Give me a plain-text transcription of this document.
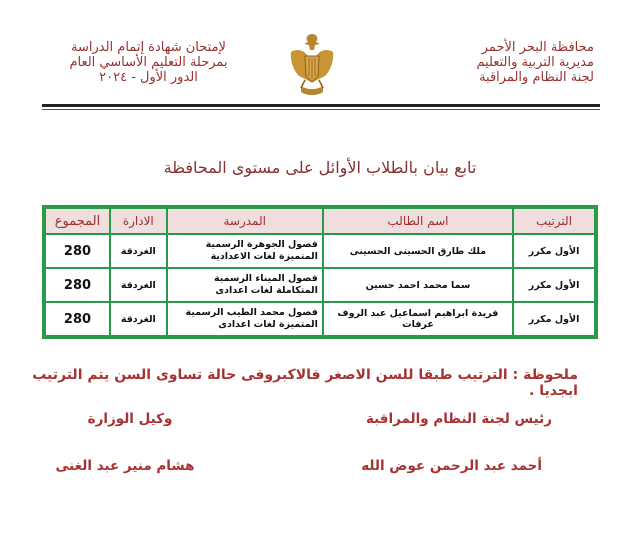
محافظة البحر الأحمر
مديرية التربية والتعليم
لجنة النظام والمراقبة
لإمتحان شهادة إتمام الدراسة
بمرحلة التعليم الأساسي العام
الدور الأول - ٢٠٢٤
تابع بيان بالطلاب الأوائل على مستوى المحافظة
الترتيب	اسم الطالب	المدرسة	الادارة	المجموع
الأول مكرر	ملك طارق الحسينى الحسينى	فصول الجوهرة الرسمية المتميزة لغات الاعدادية	الغردقة	280
الأول مكرر	سما محمد احمد حسين	فصول الميناء الرسمية المتكاملة لغات اعدادى	الغردقة	280
الأول مكرر	فريدة ابراهيم اسماعيل عبد الروف عرفات	فصول محمد الطيب الرسمية المتميزة لغات اعدادى	الغردقة	280
ملحوظة : الترتيب طبقا للسن الاصغر فالاكبروفى حالة تساوى السن يتم الترتيب ابجديا .
رئيس لجنة النظام والمراقبة
أحمد عبد الرحمن عوض الله
وكيل الوزارة
هشام منير عبد الغنى
